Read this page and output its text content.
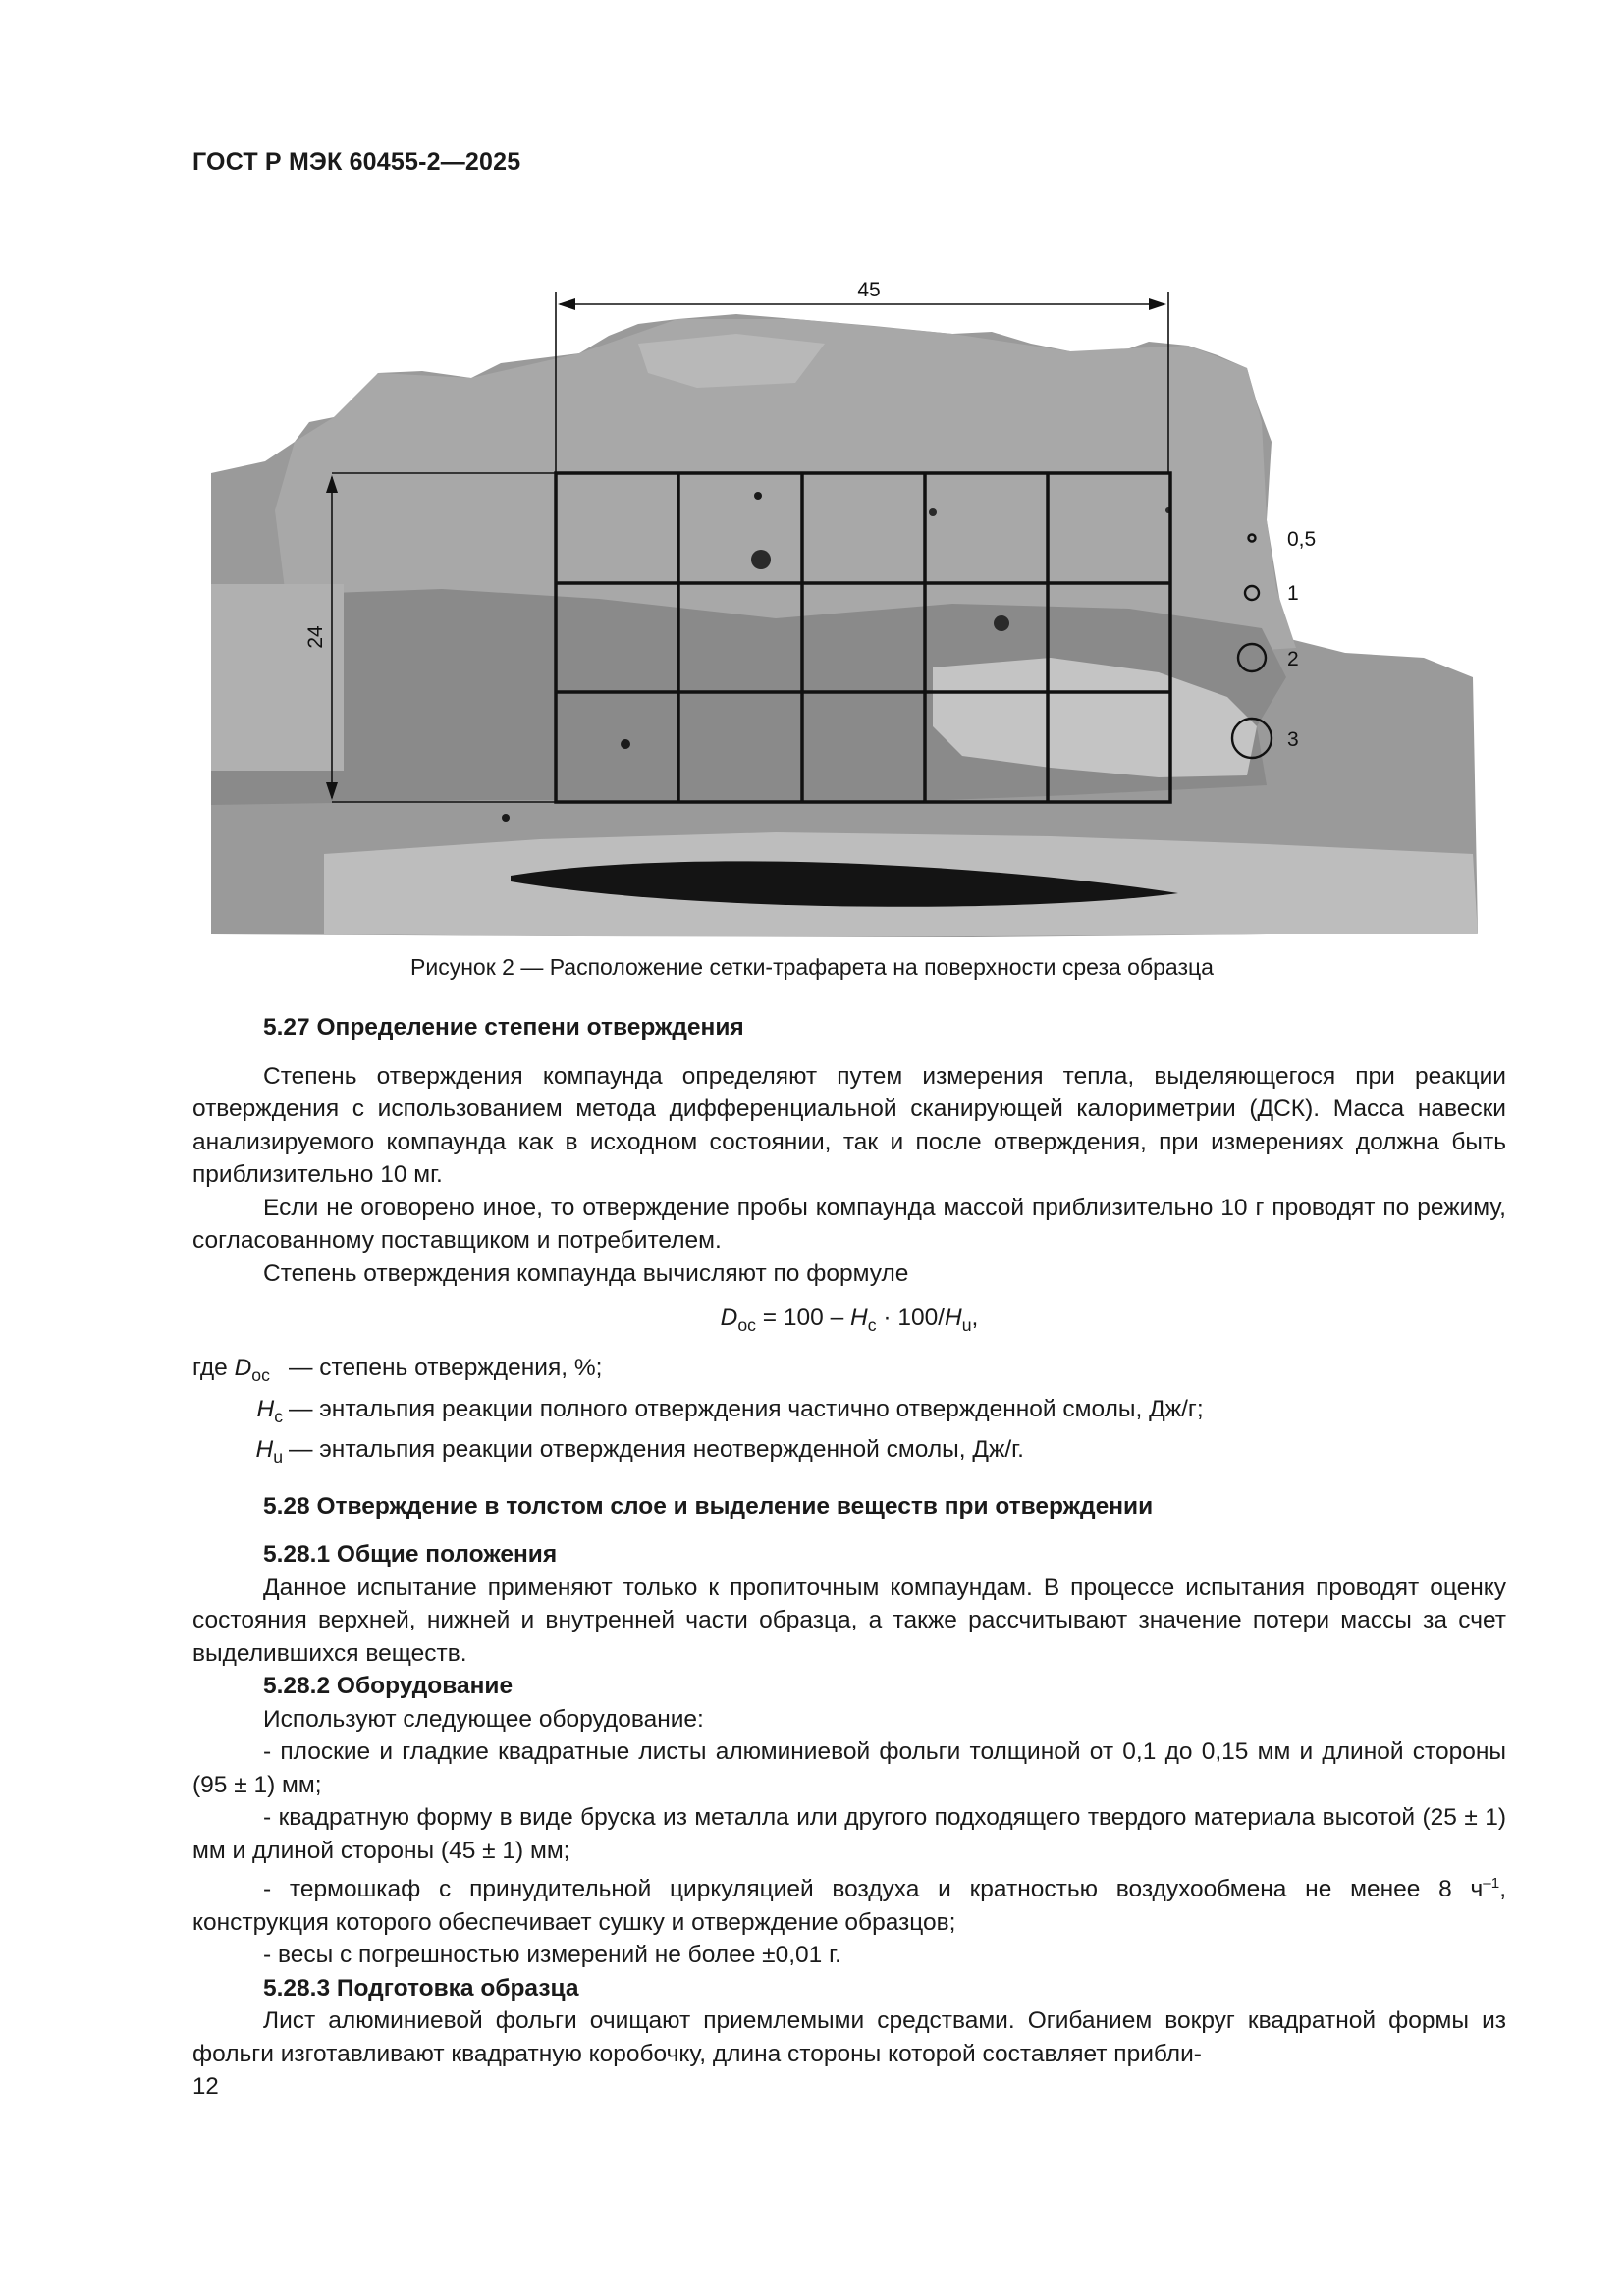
ГОСТ Р МЭК 60455-2—2025
45
24
0,5
1
2
3
Рисунок 2 — Расположение сетки-трафарета на поверхности среза образца

5.27 Определение степени отверждения

Степень отверждения компаунда определяют путем измерения тепла, выделяющегося при реакции отверждения с использованием метода дифференциальной сканирующей калориметрии (ДСК). Масса навески анализируемого компаунда как в исходном состоянии, так и после отверждения, при измерениях должна быть приблизительно 10 мг.

Если не оговорено иное, то отверждение пробы компаунда массой приблизительно 10 г проводят по режиму, согласованному поставщиком и потребителем.

Степень отверждения компаунда вычисляют по формуле

$D_{oc} = 100 - H_c \cdot 100/H_u$,

где $D_{oc}$ — степень отверждения, %;
$H_c$ — энтальпия реакции полного отверждения частично отвержденной смолы, Дж/г;
$H_u$ — энтальпия реакции отверждения неотвержденной смолы, Дж/г.

5.28 Отверждение в толстом слое и выделение веществ при отверждении

5.28.1 Общие положения

Данное испытание применяют только к пропиточным компаундам. В процессе испытания проводят оценку состояния верхней, нижней и внутренней части образца, а также рассчитывают значение потери массы за счет выделившихся веществ.

5.28.2 Оборудование

Используют следующее оборудование:

- плоские и гладкие квадратные листы алюминиевой фольги толщиной от 0,1 до 0,15 мм и длиной стороны (95 ± 1) мм;

- квадратную форму в виде бруска из металла или другого подходящего твердого материала высотой (25 ± 1) мм и длиной стороны (45 ± 1) мм;

- термошкаф с принудительной циркуляцией воздуха и кратностью воздухообмена не менее 8 $ч^{-1}$, конструкция которого обеспечивает сушку и отверждение образцов;

- весы с погрешностью измерений не более ±0,01 г.

5.28.3 Подготовка образца

Лист алюминиевой фольги очищают приемлемыми средствами. Огибанием вокруг квадратной формы из фольги изготавливают квадратную коробочку, длина стороны которой составляет прибли-

12
